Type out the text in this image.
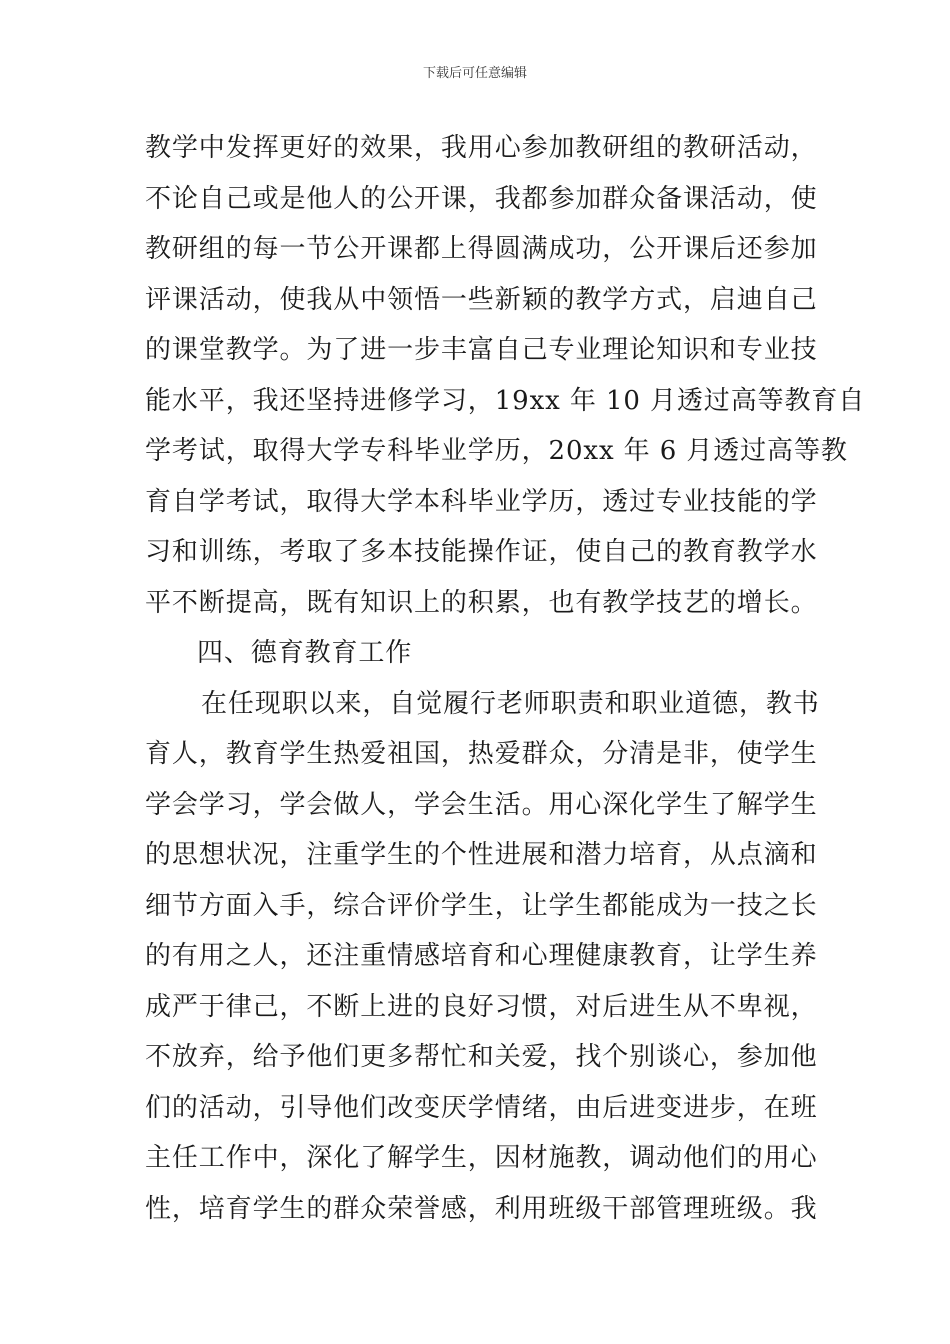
下载后可任意编辑
教学中发挥更好的效果，我用心参加教研组的教研活动，
不论自己或是他人的公开课，我都参加群众备课活动，使
教研组的每一节公开课都上得圆满成功，公开课后还参加
评课活动，使我从中领悟一些新颖的教学方式，启迪自己
的课堂教学。为了进一步丰富自己专业理论知识和专业技
能水平，我还坚持进修学习，19xx 年 10 月透过高等教育自
学考试，取得大学专科毕业学历，20xx 年 6 月透过高等教
育自学考试，取得大学本科毕业学历，透过专业技能的学
习和训练，考取了多本技能操作证，使自己的教育教学水
平不断提高，既有知识上的积累，也有教学技艺的增长。
四、德育教育工作
在任现职以来，自觉履行老师职责和职业道德，教书
育人，教育学生热爱祖国，热爱群众，分清是非，使学生
学会学习，学会做人，学会生活。用心深化学生了解学生
的思想状况，注重学生的个性进展和潜力培育，从点滴和
细节方面入手，综合评价学生，让学生都能成为一技之长
的有用之人，还注重情感培育和心理健康教育，让学生养
成严于律己，不断上进的良好习惯，对后进生从不卑视，
不放弃，给予他们更多帮忙和关爱，找个别谈心，参加他
们的活动，引导他们改变厌学情绪，由后进变进步，在班
主任工作中，深化了解学生，因材施教，调动他们的用心
性，培育学生的群众荣誉感，利用班级干部管理班级。我
